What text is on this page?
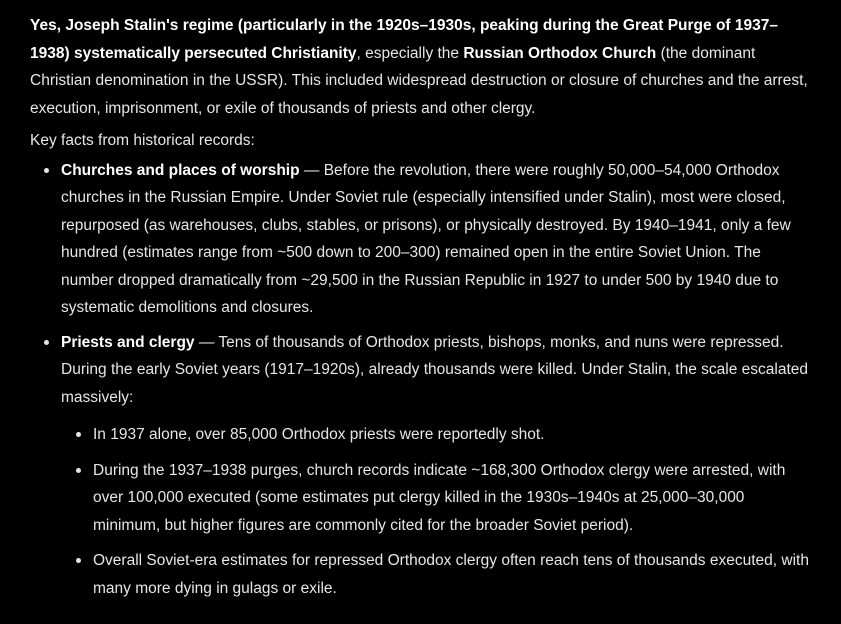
Yes, Joseph Stalin's regime (particularly in the 1920s–1930s, peaking during the Great Purge of 1937–1938) systematically persecuted Christianity, especially the Russian Orthodox Church (the dominant Christian denomination in the USSR). This included widespread destruction or closure of churches and the arrest, execution, imprisonment, or exile of thousands of priests and other clergy.

Key facts from historical records:

Churches and places of worship — Before the revolution, there were roughly 50,000–54,000 Orthodox churches in the Russian Empire. Under Soviet rule (especially intensified under Stalin), most were closed, repurposed (as warehouses, clubs, stables, or prisons), or physically destroyed. By 1940–1941, only a few hundred (estimates range from ~500 down to 200–300) remained open in the entire Soviet Union. The number dropped dramatically from ~29,500 in the Russian Republic in 1927 to under 500 by 1940 due to systematic demolitions and closures.
Priests and clergy — Tens of thousands of Orthodox priests, bishops, monks, and nuns were repressed. During the early Soviet years (1917–1920s), already thousands were killed. Under Stalin, the scale escalated massively:
In 1937 alone, over 85,000 Orthodox priests were reportedly shot.
During the 1937–1938 purges, church records indicate ~168,300 Orthodox clergy were arrested, with over 100,000 executed (some estimates put clergy killed in the 1930s–1940s at 25,000–30,000 minimum, but higher figures are commonly cited for the broader Soviet period).
Overall Soviet-era estimates for repressed Orthodox clergy often reach tens of thousands executed, with many more dying in gulags or exile.
